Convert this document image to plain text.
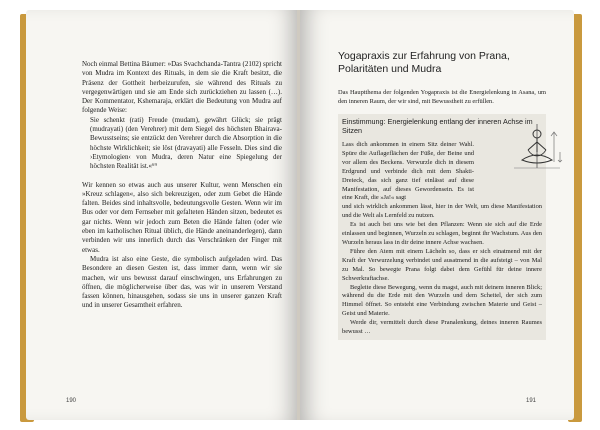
Noch einmal Bettina Bäumer: »Das Svachchanda-Tantra (2102) spricht von Mudra im Kontext des Rituals, in dem sie die Kraft besitzt, die Präsenz der Gottheit herbeizurufen, sie während des Rituals zu vergegenwärtigen und sie am Ende sich zurückziehen zu lassen (…). Der Kommentator, Kshemaraja, erklärt die Bedeutung von Mudra auf folgende Weise:

Sie schenkt (rati) Freude (mudam), gewährt Glück; sie prägt (mudrayati) (den Verehrer) mit dem Siegel des höchsten Bhairava-Bewusstseins; sie entzückt den Verehrer durch die Absorption in die höchste Wirklichkeit; sie löst (dravayati) alle Fesseln. Dies sind die ›Etymologien‹ von Mudra, deren Natur eine Spiegelung der höchsten Realität ist.«⁶⁹

Wir kennen so etwas auch aus unserer Kultur, wenn Menschen ein »Kreuz schlagen«, also sich bekreuzigen, oder zum Gebet die Hände falten. Beides sind inhaltsvolle, bedeutungsvolle Gesten. Wenn wir im Bus oder vor dem Fernseher mit gefalteten Händen sitzen, bedeutet es gar nichts. Wenn wir jedoch zum Beten die Hände falten (oder wie eben im katholischen Ritual üblich, die Hände aneinanderlegen), dann verbinden wir uns innerlich durch das Verschränken der Finger mit etwas.

Mudra ist also eine Geste, die symbolisch aufgeladen wird. Das Besondere an diesen Gesten ist, dass immer dann, wenn wir sie machen, wir uns bewusst darauf einschwingen, uns Erfahrungen zu öffnen, die möglicherweise über das, was wir in unserem Verstand fassen können, hinausgehen, sodass sie uns in unserer ganzen Kraft und in unserer Gesamtheit erfahren.

190
Yogapraxis zur Erfahrung von Prana, Polaritäten und Mudra
Das Hauptthema der folgenden Yogapraxis ist die Energielenkung in Asana, um den inneren Raum, der wir sind, mit Bewusstheit zu erfüllen.
Einstimmung: Energielenkung entlang der inneren Achse im Sitzen

Lass dich ankommen in einem Sitz deiner Wahl. Spüre die Auflageflächen der Füße, der Beine und vor allem des Beckens. Verwurzle dich in diesem Erdgrund und verbinde dich mit dem Shakti-Dreieck, das sich ganz tief einlässt auf diese Manifestation, auf dieses Gewordensein. Es ist eine Kraft, die »Ja!« sagt

und sich wirklich ankommen lässt, hier in der Welt, um diese Manifestation und die Welt als Lernfeld zu nutzen.

Es ist auch bei uns wie bei den Pflanzen: Wenn sie sich auf die Erde einlassen und beginnen, Wurzeln zu schlagen, beginnt ihr Wachstum. Aus den Wurzeln heraus lass in dir deine innere Achse wachsen.

Führe den Atem mit einem Lächeln so, dass er sich einatmend mit der Kraft der Verwurzelung verbindet und ausatmend in die aufsteigt – von Mal zu Mal. So bewegte Prana folgt dabei dem Gefühl für deine innere Schwerkraftachse.

Begleite diese Bewegung, wenn du magst, auch mit deinem inneren Blick; während du die Erde mit den Wurzeln und dem Scheitel, der sich zum Himmel öffnet. So entsteht eine Verbindung zwischen Materie und Geist – Geist und Materie.

Werde dir, vermittelt durch diese Pranalenkung, deines inneren Raumes bewusst …

191
